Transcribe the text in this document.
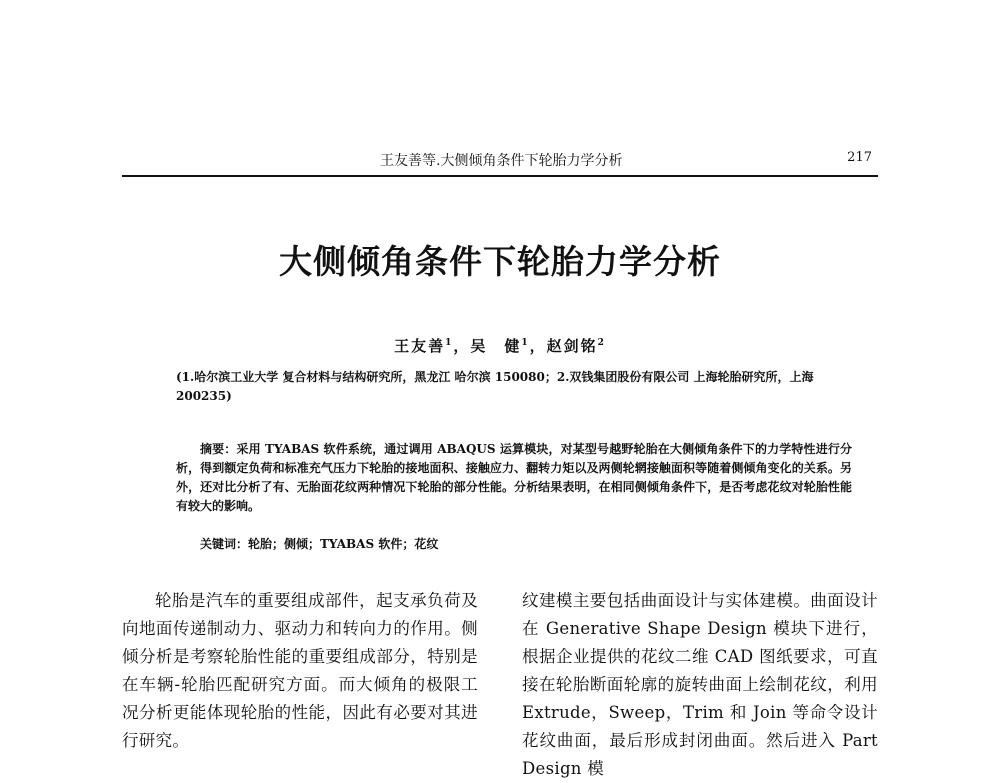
王友善等.大侧倾角条件下轮胎力学分析	217
大侧倾角条件下轮胎力学分析
王友善$^1$，吴　健$^1$，赵剑铭$^2$
(1.哈尔滨工业大学 复合材料与结构研究所，黑龙江 哈尔滨 150080；2.双钱集团股份有限公司 上海轮胎研究所，上海 200235)
摘要：采用 TYABAS 软件系统，通过调用 ABAQUS 运算模块，对某型号越野轮胎在大侧倾角条件下的力学特性进行分析，得到额定负荷和标准充气压力下轮胎的接地面积、接触应力、翻转力矩以及两侧轮辋接触面积等随着侧倾角变化的关系。另外，还对比分析了有、无胎面花纹两种情况下轮胎的部分性能。分析结果表明，在相同侧倾角条件下，是否考虑花纹对轮胎性能有较大的影响。
关键词：轮胎；侧倾；TYABAS 软件；花纹
轮胎是汽车的重要组成部件，起支承负荷及向地面传递制动力、驱动力和转向力的作用。侧倾分析是考察轮胎性能的重要组成部分，特别是在车辆-轮胎匹配研究方面。而大倾角的极限工况分析更能体现轮胎的性能，因此有必要对其进行研究。
纹建模主要包括曲面设计与实体建模。曲面设计在 Generative Shape Design 模块下进行，根据企业提供的花纹二维 CAD 图纸要求，可直接在轮胎断面轮廓的旋转曲面上绘制花纹，利用 Extrude，Sweep，Trim 和 Join 等命令设计花纹曲面，最后形成封闭曲面。然后进入 Part Design 模
